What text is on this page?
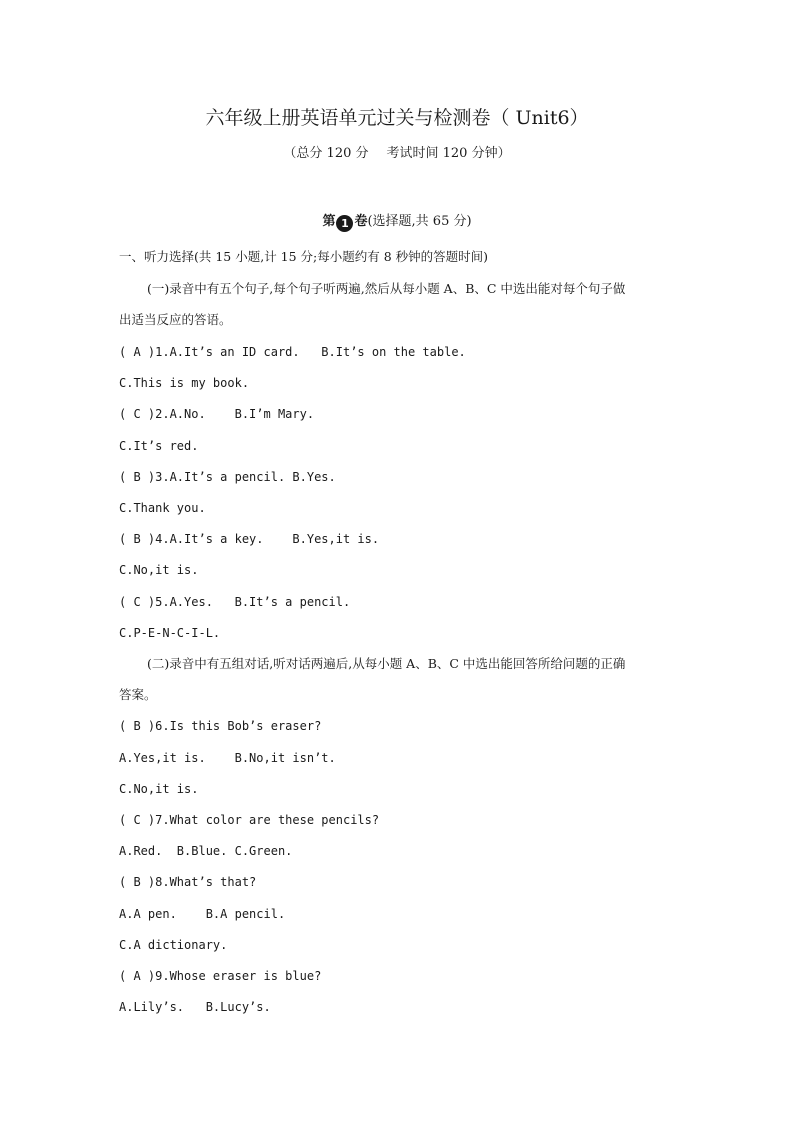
六年级上册英语单元过关与检测卷（ Unit6）
（总分 120 分 考试时间 120 分钟）
第 1 卷(选择题,共 65 分)
一、听力选择(共 15 小题,计 15 分;每小题约有 8 秒钟的答题时间)
(一)录音中有五个句子,每个句子听两遍,然后从每小题 A、B、C 中选出能对每个句子做
出适当反应的答语。
( A )1.A.It’s an ID card.   B.It’s on the table.
C.This is my book.
( C )2.A.No.    B.I’m Mary.
C.It’s red.
( B )3.A.It’s a pencil. B.Yes.
C.Thank you.
( B )4.A.It’s a key.    B.Yes,it is.
C.No,it is.
( C )5.A.Yes.   B.It’s a pencil.
C.P-E-N-C-I-L.
(二)录音中有五组对话,听对话两遍后,从每小题 A、B、C 中选出能回答所给问题的正确
答案。
( B )6.Is this Bob’s eraser?
A.Yes,it is.    B.No,it isn’t.
C.No,it is.
( C )7.What color are these pencils?
A.Red.  B.Blue. C.Green.
( B )8.What’s that?
A.A pen.    B.A pencil.
C.A dictionary.
( A )9.Whose eraser is blue?
A.Lily’s.   B.Lucy’s.
